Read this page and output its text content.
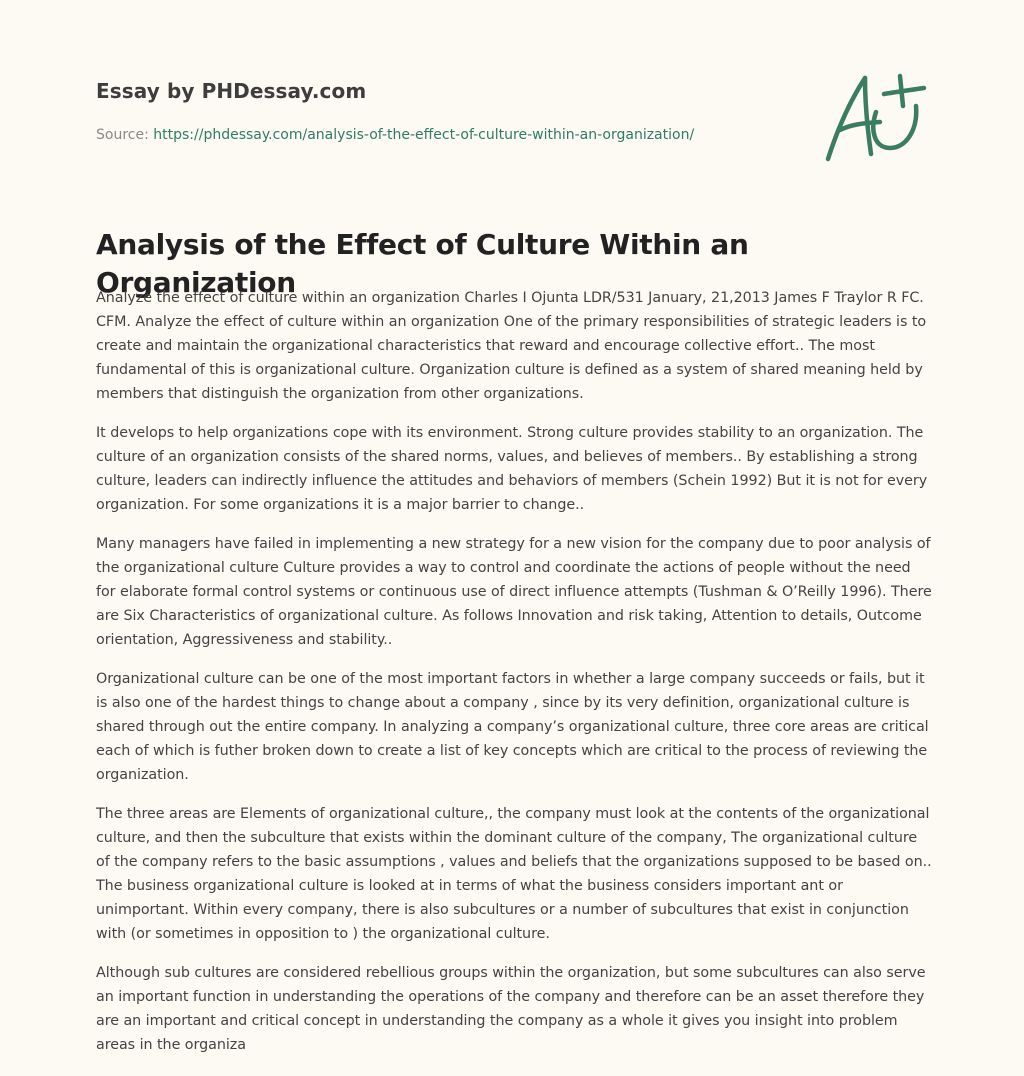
Essay by PHDessay.com
Source: https://phdessay.com/analysis-of-the-effect-of-culture-within-an-organization/
Analysis of the Effect of Culture Within an Organization

Analyze the effect of culture within an organization Charles I Ojunta LDR/531 January, 21,2013 James F Traylor R FC. CFM. Analyze the effect of culture within an organization One of the primary responsibilities of strategic leaders is to create and maintain the organizational characteristics that reward and encourage collective effort.. The most fundamental of this is organizational culture. Organization culture is defined as a system of shared meaning held by members that distinguish the organization from other organizations.

It develops to help organizations cope with its environment. Strong culture provides stability to an organization. The culture of an organization consists of the shared norms, values, and believes of members.. By establishing a strong culture, leaders can indirectly influence the attitudes and behaviors of members (Schein 1992) But it is not for every organization. For some organizations it is a major barrier to change..

Many managers have failed in implementing a new strategy for a new vision for the company due to poor analysis of the organizational culture Culture provides a way to control and coordinate the actions of people without the need for elaborate formal control systems or continuous use of direct influence attempts (Tushman & O’Reilly 1996). There are Six Characteristics of organizational culture. As follows Innovation and risk taking, Attention to details, Outcome orientation, Aggressiveness and stability..

Organizational culture can be one of the most important factors in whether a large company succeeds or fails, but it is also one of the hardest things to change about a company , since by its very definition, organizational culture is shared through out the entire company. In analyzing a company’s organizational culture, three core areas are critical each of which is futher broken down to create a list of key concepts which are critical to the process of reviewing the organization.

The three areas are Elements of organizational culture,, the company must look at the contents of the organizational culture, and then the subculture that exists within the dominant culture of the company, The organizational culture of the company refers to the basic assumptions , values and beliefs that the organizations supposed to be based on.. The business organizational culture is looked at in terms of what the business considers important ant or unimportant. Within every company, there is also subcultures or a number of subcultures that exist in conjunction with (or sometimes in opposition to ) the organizational culture.

Although sub cultures are considered rebellious groups within the organization, but some subcultures can also serve an important function in understanding the operations of the company and therefore can be an asset therefore they are an important and critical concept in understanding the company as a whole it gives you insight into problem areas in the organiza
